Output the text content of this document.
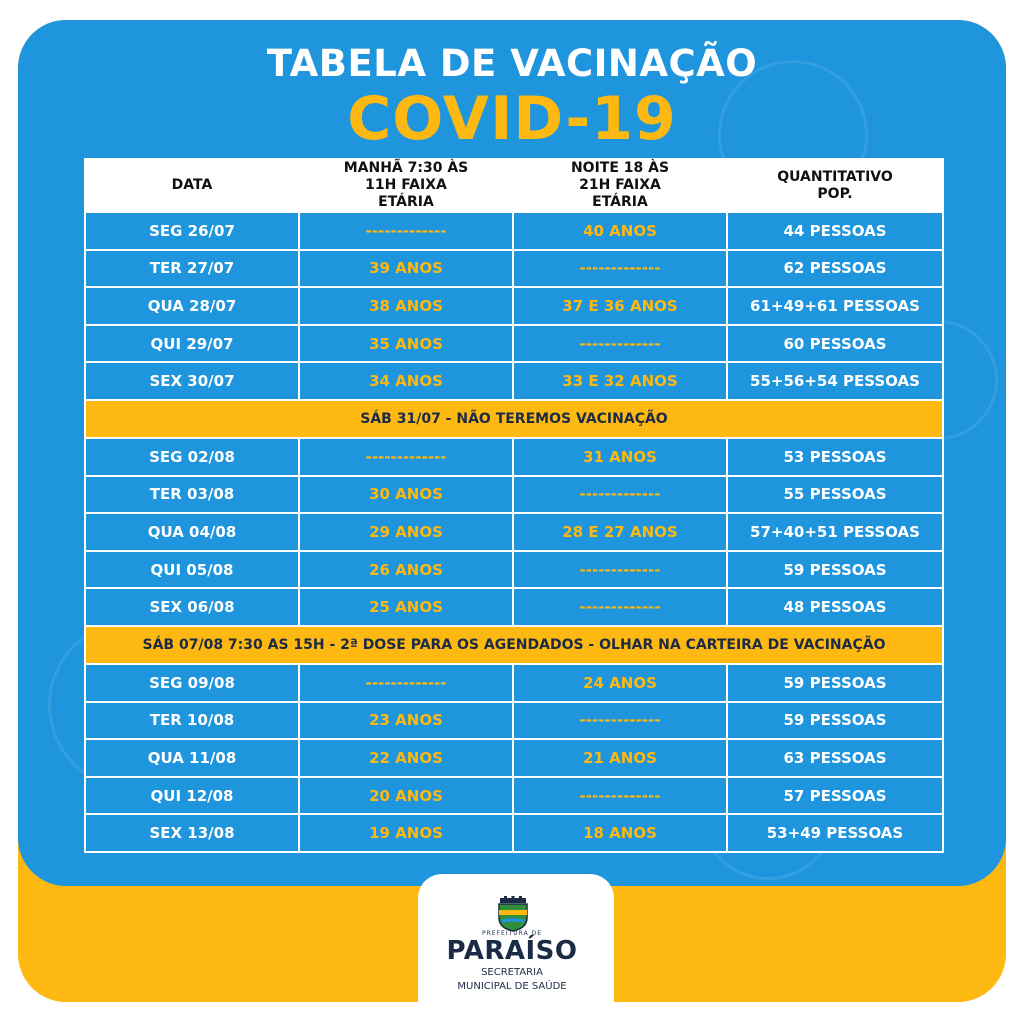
TABELA DE VACINAÇÃO
COVID-19
DATA	MANHÃ 7:30 ÀS 11H FAIXA ETÁRIA	NOITE 18 ÀS 21H FAIXA ETÁRIA	QUANTITATIVO POP.
SEG 26/07	-------------	40 ANOS	44 PESSOAS
TER 27/07	39 ANOS	-------------	62 PESSOAS
QUA 28/07	38 ANOS	37 E 36 ANOS	61+49+61 PESSOAS
QUI 29/07	35 ANOS	-------------	60 PESSOAS
SEX 30/07	34 ANOS	33 E 32 ANOS	55+56+54 PESSOAS
SÁB 31/07 - NÃO TEREMOS VACINAÇÃO			
SEG 02/08	-------------	31 ANOS	53 PESSOAS
TER 03/08	30 ANOS	-------------	55 PESSOAS
QUA 04/08	29 ANOS	28 E 27 ANOS	57+40+51 PESSOAS
QUI 05/08	26 ANOS	-------------	59 PESSOAS
SEX 06/08	25 ANOS	-------------	48 PESSOAS
SÁB 07/08 7:30 AS 15H - 2ª DOSE PARA OS AGENDADOS - OLHAR NA CARTEIRA DE VACINAÇÃO			
SEG 09/08	-------------	24 ANOS	59 PESSOAS
TER 10/08	23 ANOS	-------------	59 PESSOAS
QUA 11/08	22 ANOS	21 ANOS	63 PESSOAS
QUI 12/08	20 ANOS	-------------	57 PESSOAS
SEX 13/08	19 ANOS	18 ANOS	53+49 PESSOAS
PREFEITURA DE
PARAÍSO
SECRETARIA
MUNICIPAL DE SAÚDE
